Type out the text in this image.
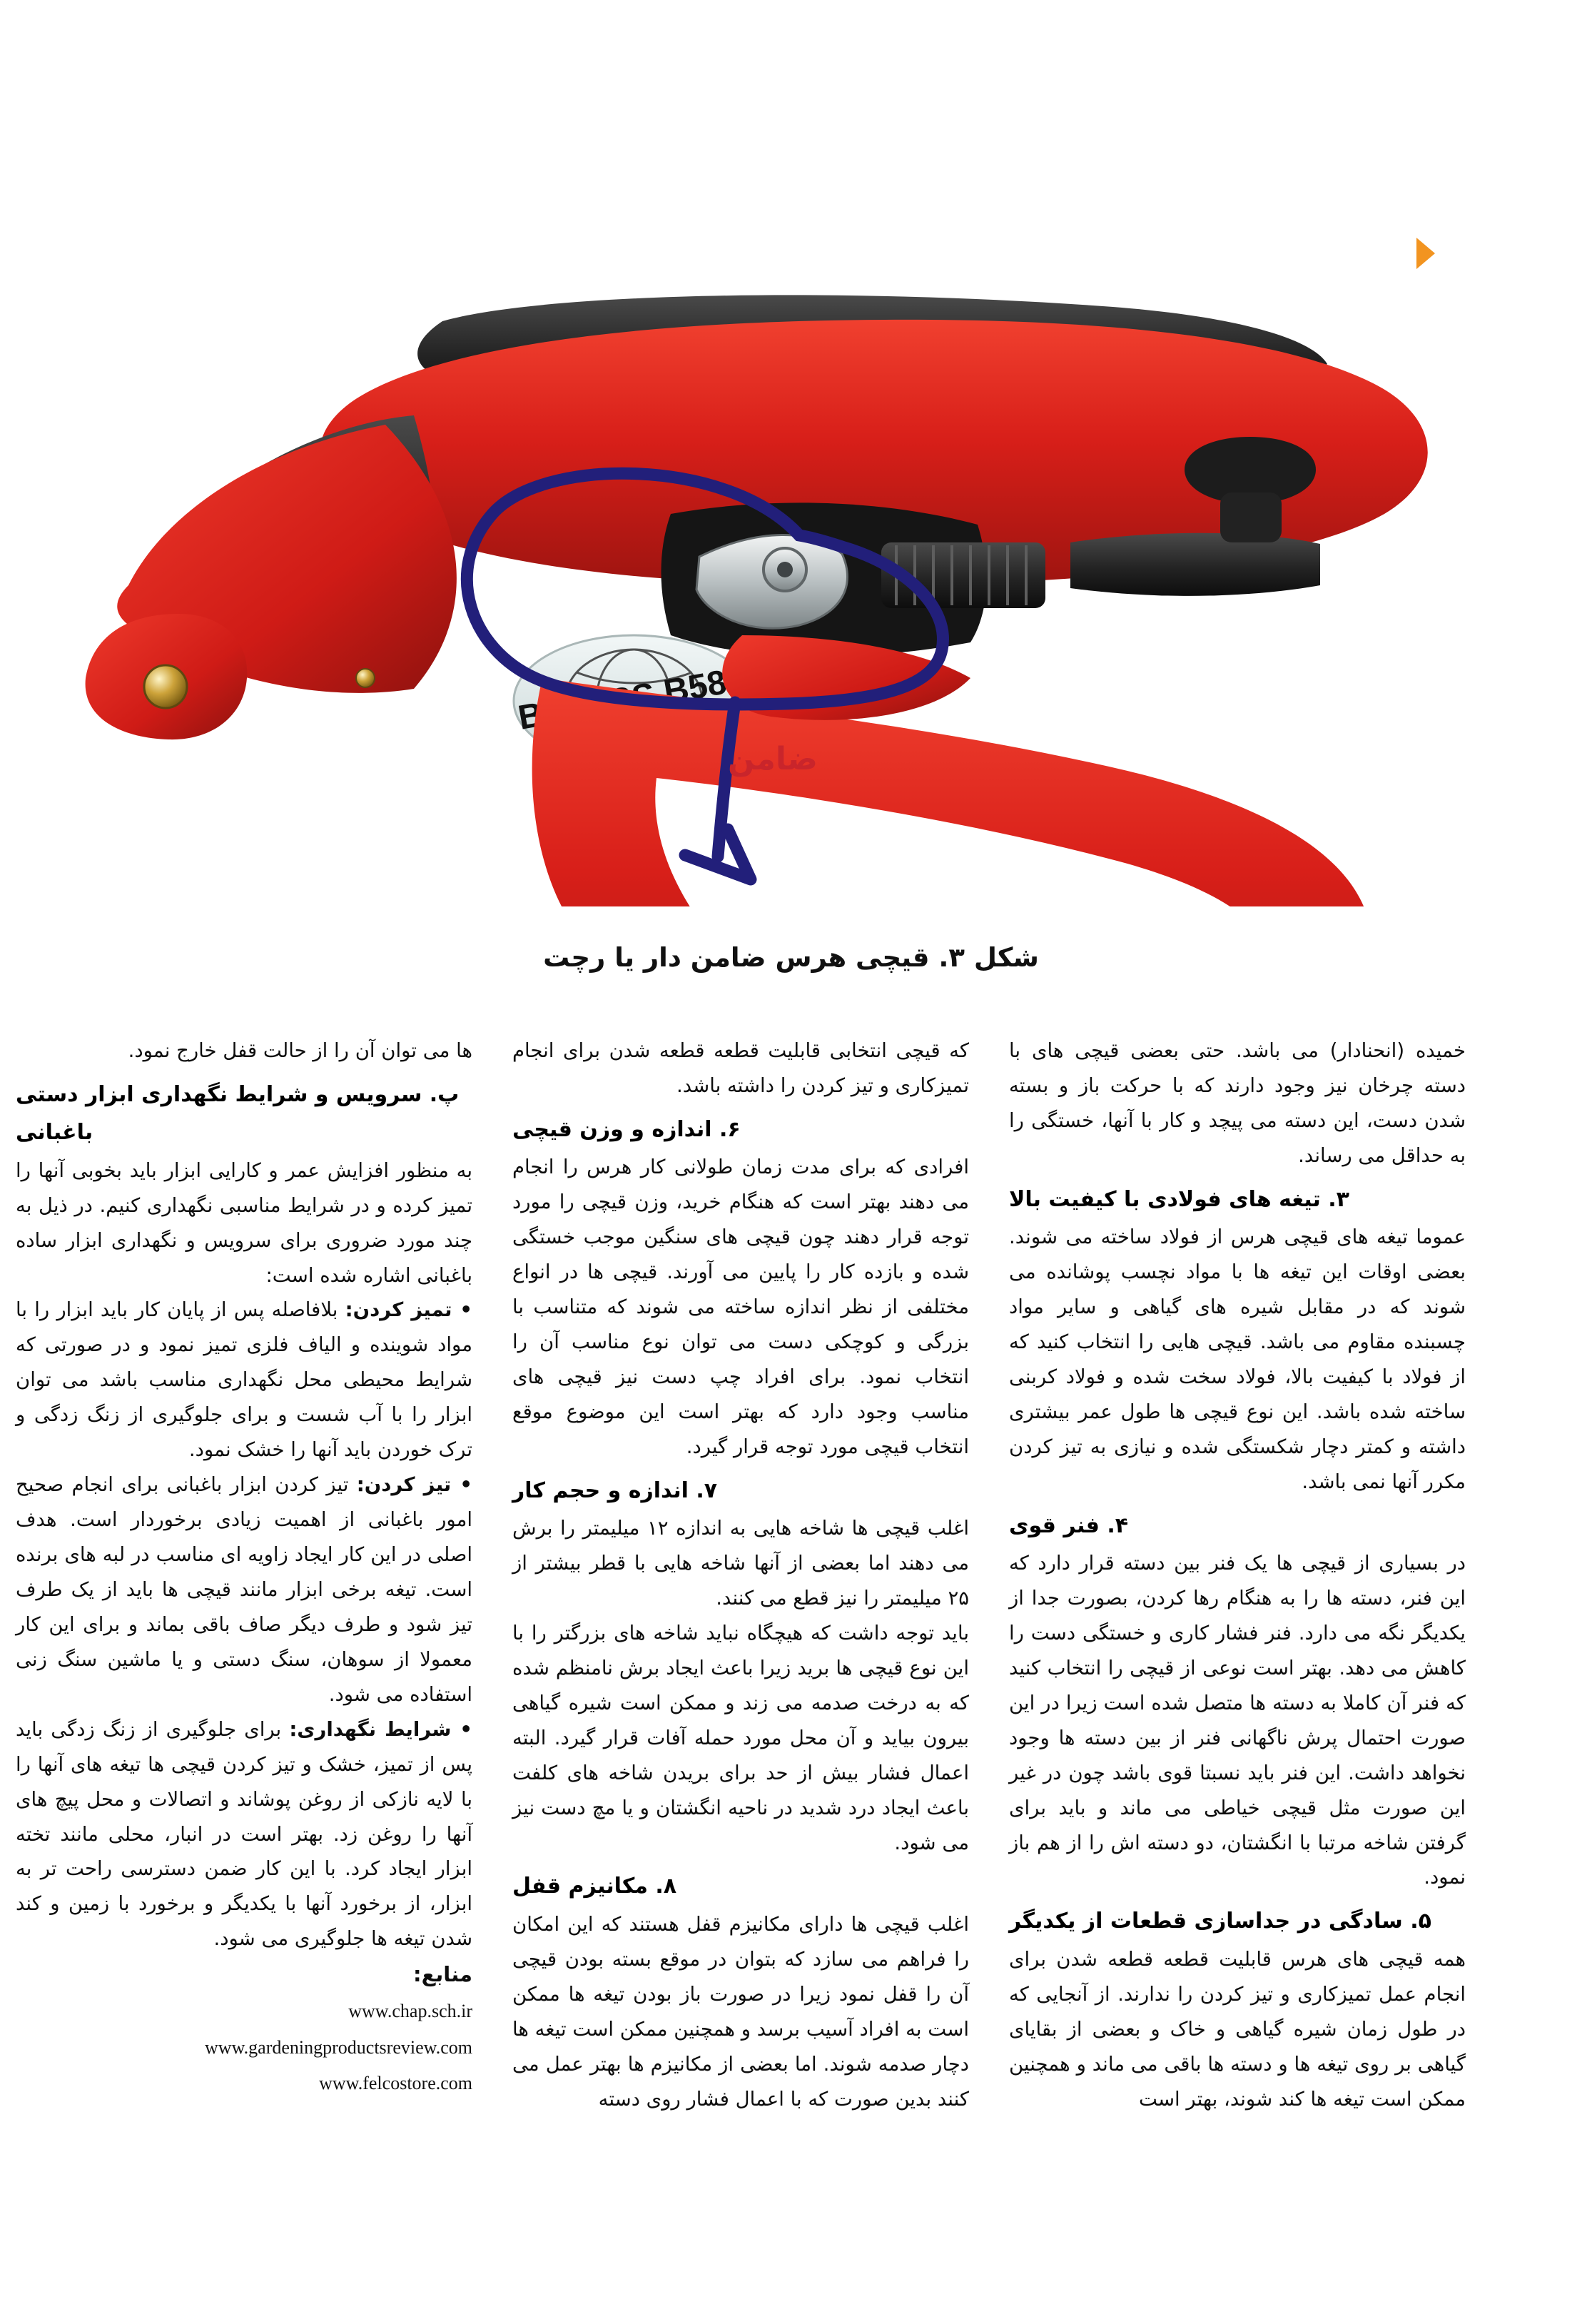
B585
ضامن
شکل ۳. قیچی هرس ضامن دار یا رچت

ها می توان آن را از حالت قفل خارج نمود.

پ. سرویس و شرایط نگهداری ابزار دستی باغبانی

به منظور افزایش عمر و کارایی ابزار باید بخوبی آنها را تمیز کرده و در شرایط مناسبی نگهداری کنیم. در ذیل به چند مورد ضروری برای سرویس و نگهداری ابزار ساده باغبانی اشاره شده است:

• تمیز کردن: بلافاصله پس از پایان کار باید ابزار را با مواد شوینده و الیاف فلزی تمیز نمود و در صورتی که شرایط محیطی محل نگهداری مناسب باشد می توان ابزار را با آب شست و برای جلوگیری از زنگ زدگی و ترک خوردن باید آنها را خشک نمود.

• تیز کردن: تیز کردن ابزار باغبانی برای انجام صحیح امور باغبانی از اهمیت زیادی برخوردار است. هدف اصلی در این کار ایجاد زاویه ای مناسب در لبه های برنده است. تیغه برخی ابزار مانند قیچی ها باید از یک طرف تیز شود و طرف دیگر صاف باقی بماند و برای این کار معمولا از سوهان، سنگ دستی و یا ماشین سنگ زنی استفاده می شود.

• شرایط نگهداری: برای جلوگیری از زنگ زدگی باید پس از تمیز، خشک و تیز کردن قیچی ها تیغه های آنها را با لایه نازکی از روغن پوشاند و اتصالات و محل پیچ های آنها را روغن زد. بهتر است در انبار، محلی مانند تخته ابزار ایجاد کرد. با این کار ضمن دسترسی راحت تر به ابزار، از برخورد آنها با یکدیگر و برخورد با زمین و کند شدن تیغه ها جلوگیری می شود.

منابع:

www.chap.sch.ir

www.gardeningproductsreview.com

www.felcostore.com

که قیچی انتخابی قابلیت قطعه قطعه شدن برای انجام تمیزکاری و تیز کردن را داشته باشد.

۶. اندازه و وزن قیچی

افرادی که برای مدت زمان طولانی کار هرس را انجام می دهند بهتر است که هنگام خرید، وزن قیچی را مورد توجه قرار دهند چون قیچی های سنگین موجب خستگی شده و بازده کار را پایین می آورند. قیچی ها در انواع مختلفی از نظر اندازه ساخته می شوند که متناسب با بزرگی و کوچکی دست می توان نوع مناسب آن را انتخاب نمود. برای افراد چپ دست نیز قیچی های مناسب وجود دارد که بهتر است این موضوع موقع انتخاب قیچی مورد توجه قرار گیرد.

۷. اندازه و حجم کار

اغلب قیچی ها شاخه هایی به اندازه ۱۲ میلیمتر را برش می دهند اما بعضی از آنها شاخه هایی با قطر بیشتر از ۲۵ میلیمتر را نیز قطع می کنند.

باید توجه داشت که هیچگاه نباید شاخه های بزرگتر را با این نوع قیچی ها برید زیرا باعث ایجاد برش نامنظم شده که به درخت صدمه می زند و ممکن است شیره گیاهی بیرون بیاید و آن محل مورد حمله آفات قرار گیرد. البته اعمال فشار بیش از حد برای بریدن شاخه های کلفت باعث ایجاد درد شدید در ناحیه انگشتان و یا مچ دست نیز می شود.

۸. مکانیزم قفل

اغلب قیچی ها دارای مکانیزم قفل هستند که این امکان را فراهم می سازد که بتوان در موقع بسته بودن قیچی آن را قفل نمود زیرا در صورت باز بودن تیغه ها ممکن است به افراد آسیب برسد و همچنین ممکن است تیغه ها دچار صدمه شوند. اما بعضی از مکانیزم ها بهتر عمل می کنند بدین صورت که با اعمال فشار روی دسته

خمیده (انحنادار) می باشد. حتی بعضی قیچی های با دسته چرخان نیز وجود دارند که با حرکت باز و بسته شدن دست، این دسته می پیچد و کار با آنها، خستگی را به حداقل می رساند.

۳. تیغه های فولادی با کیفیت بالا

عموما تیغه های قیچی هرس از فولاد ساخته می شوند. بعضی اوقات این تیغه ها با مواد نچسب پوشانده می شوند که در مقابل شیره های گیاهی و سایر مواد چسبنده مقاوم می باشد. قیچی هایی را انتخاب کنید که از فولاد با کیفیت بالا، فولاد سخت شده و فولاد کربنی ساخته شده باشد. این نوع قیچی ها طول عمر بیشتری داشته و کمتر دچار شکستگی شده و نیازی به تیز کردن مکرر آنها نمی باشد.

۴. فنر قوی

در بسیاری از قیچی ها یک فنر بین دسته قرار دارد که این فنر، دسته ها را به هنگام رها کردن، بصورت جدا از یکدیگر نگه می دارد. فنر فشار کاری و خستگی دست را کاهش می دهد. بهتر است نوعی از قیچی را انتخاب کنید که فنر آن کاملا به دسته ها متصل شده است زیرا در این صورت احتمال پرش ناگهانی فنر از بین دسته ها وجود نخواهد داشت. این فنر باید نسبتا قوی باشد چون در غیر این صورت مثل قیچی خیاطی می ماند و باید برای گرفتن شاخه مرتبا با انگشتان، دو دسته اش را از هم باز نمود.

۵. سادگی در جداسازی قطعات از یکدیگر

همه قیچی های هرس قابلیت قطعه قطعه شدن برای انجام عمل تمیزکاری و تیز کردن را ندارند. از آنجایی که در طول زمان شیره گیاهی و خاک و بعضی از بقایای گیاهی بر روی تیغه ها و دسته ها باقی می ماند و همچنین ممکن است تیغه ها کند شوند، بهتر است
